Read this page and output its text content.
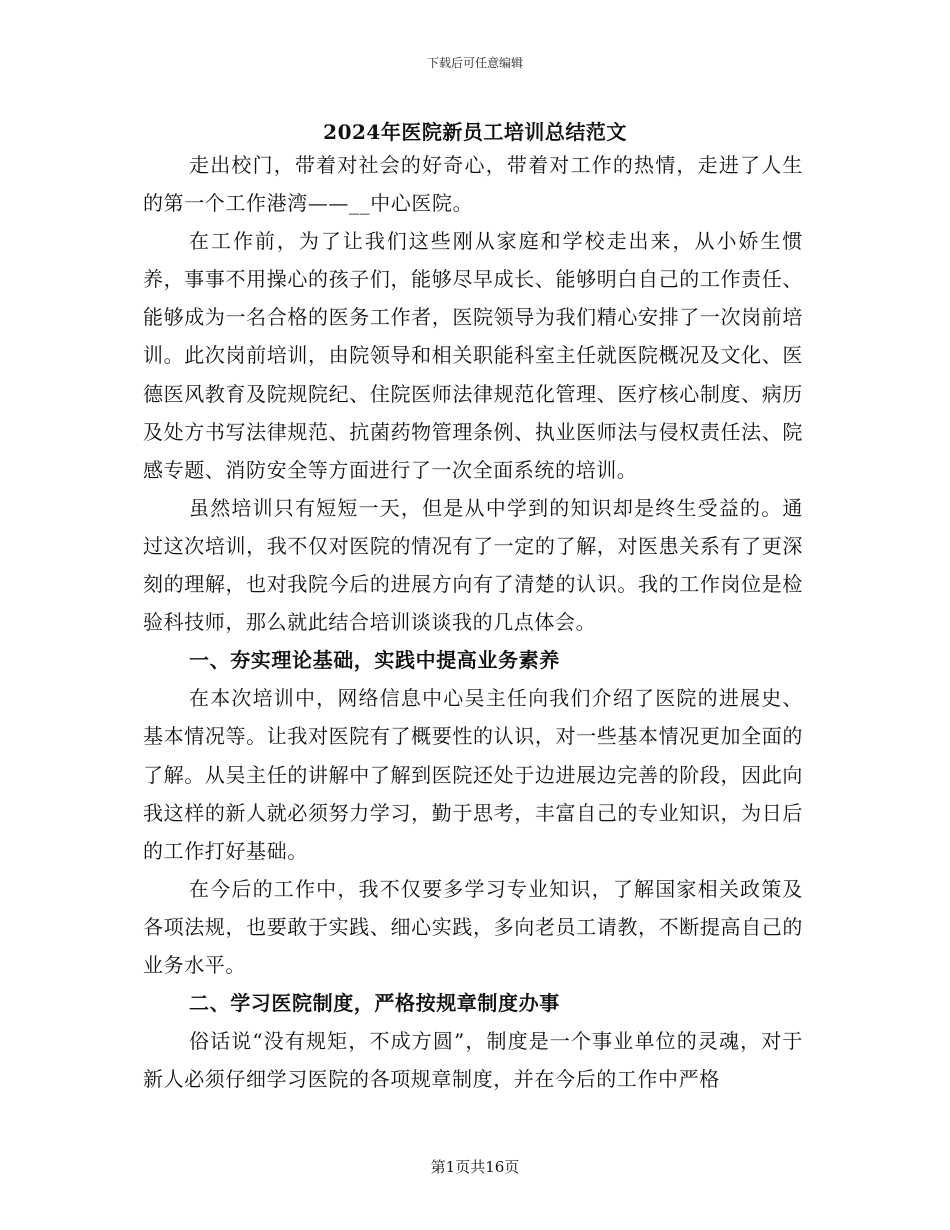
下载后可任意编辑
2024年医院新员工培训总结范文

走出校门，带着对社会的好奇心，带着对工作的热情，走进了人生的第一个工作港湾——__中心医院。

在工作前，为了让我们这些刚从家庭和学校走出来，从小娇生惯养，事事不用操心的孩子们，能够尽早成长、能够明白自己的工作责任、能够成为一名合格的医务工作者，医院领导为我们精心安排了一次岗前培训。此次岗前培训，由院领导和相关职能科室主任就医院概况及文化、医德医风教育及院规院纪、住院医师法律规范化管理、医疗核心制度、病历及处方书写法律规范、抗菌药物管理条例、执业医师法与侵权责任法、院感专题、消防安全等方面进行了一次全面系统的培训。

虽然培训只有短短一天，但是从中学到的知识却是终生受益的。通过这次培训，我不仅对医院的情况有了一定的了解，对医患关系有了更深刻的理解，也对我院今后的进展方向有了清楚的认识。我的工作岗位是检验科技师，那么就此结合培训谈谈我的几点体会。

一、夯实理论基础，实践中提高业务素养

在本次培训中，网络信息中心吴主任向我们介绍了医院的进展史、基本情况等。让我对医院有了概要性的认识，对一些基本情况更加全面的了解。从吴主任的讲解中了解到医院还处于边进展边完善的阶段，因此向我这样的新人就必须努力学习，勤于思考，丰富自己的专业知识，为日后的工作打好基础。

在今后的工作中，我不仅要多学习专业知识，了解国家相关政策及各项法规，也要敢于实践、细心实践，多向老员工请教，不断提高自己的业务水平。

二、学习医院制度，严格按规章制度办事

俗话说“没有规矩，不成方圆”，制度是一个事业单位的灵魂，对于新人必须仔细学习医院的各项规章制度，并在今后的工作中严格

第1页共16页
